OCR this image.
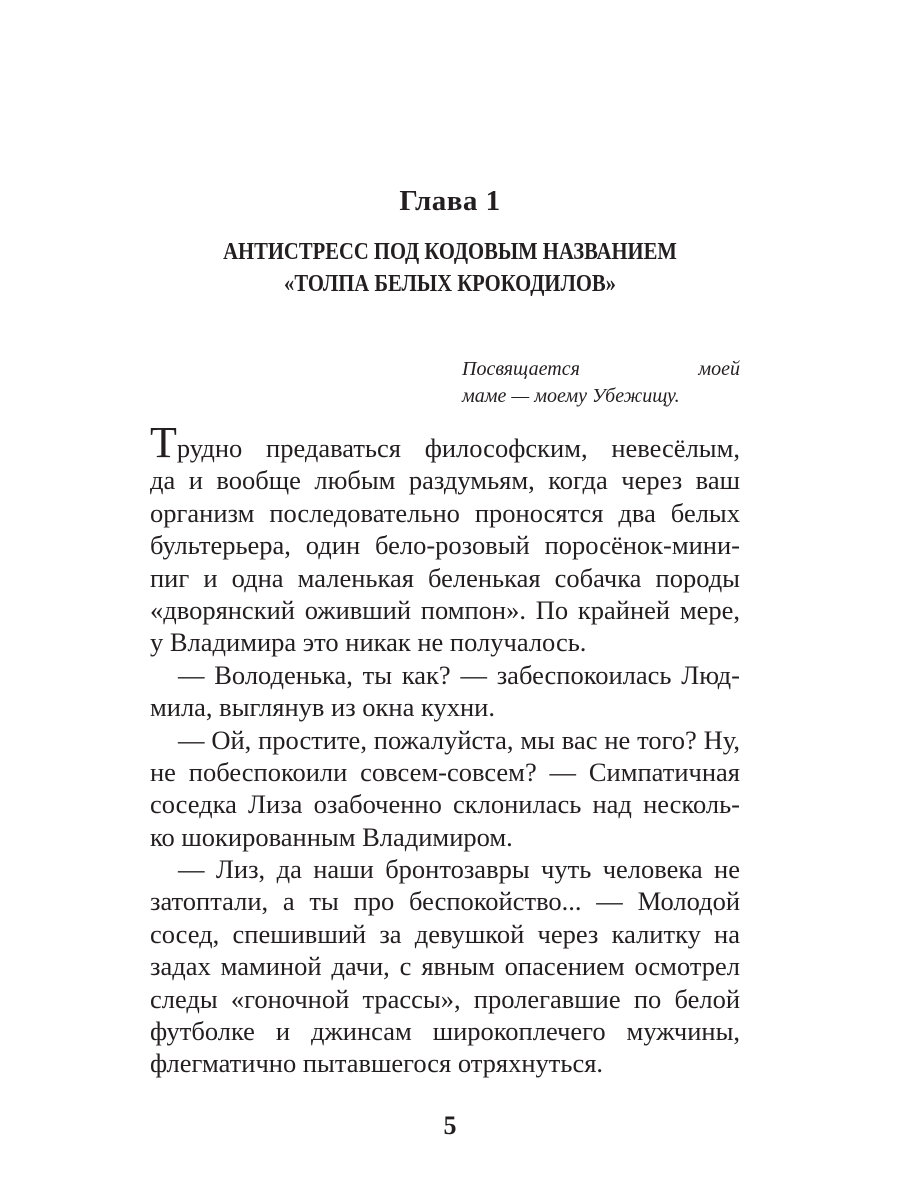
Глава 1
АНТИСТРЕСС ПОД КОДОВЫМ НАЗВАНИЕМ
«ТОЛПА БЕЛЫХ КРОКОДИЛОВ»
Посвящается моей
маме — моему Убежищу.
Трудно предаваться философским, невесёлым,
да и вообще любым раздумьям, когда через ваш
организм последовательно проносятся два белых
бультерьера, один бело-розовый поросёнок-мини-
пиг и одна маленькая беленькая собачка породы
«дворянский оживший помпон». По крайней мере,
у Владимира это никак не получалось.
— Володенька, ты как? — забеспокоилась Люд-
мила, выглянув из окна кухни.
— Ой, простите, пожалуйста, мы вас не того? Ну,
не побеспокоили совсем-совсем? — Симпатичная
соседка Лиза озабоченно склонилась над несколь-
ко шокированным Владимиром.
— Лиз, да наши бронтозавры чуть человека не
затоптали, а ты про беспокойство... — Молодой
сосед, спешивший за девушкой через калитку на
задах маминой дачи, с явным опасением осмотрел
следы «гоночной трассы», пролегавшие по белой
футболке и джинсам широкоплечего мужчины,
флегматично пытавшегося отряхнуться.
5
